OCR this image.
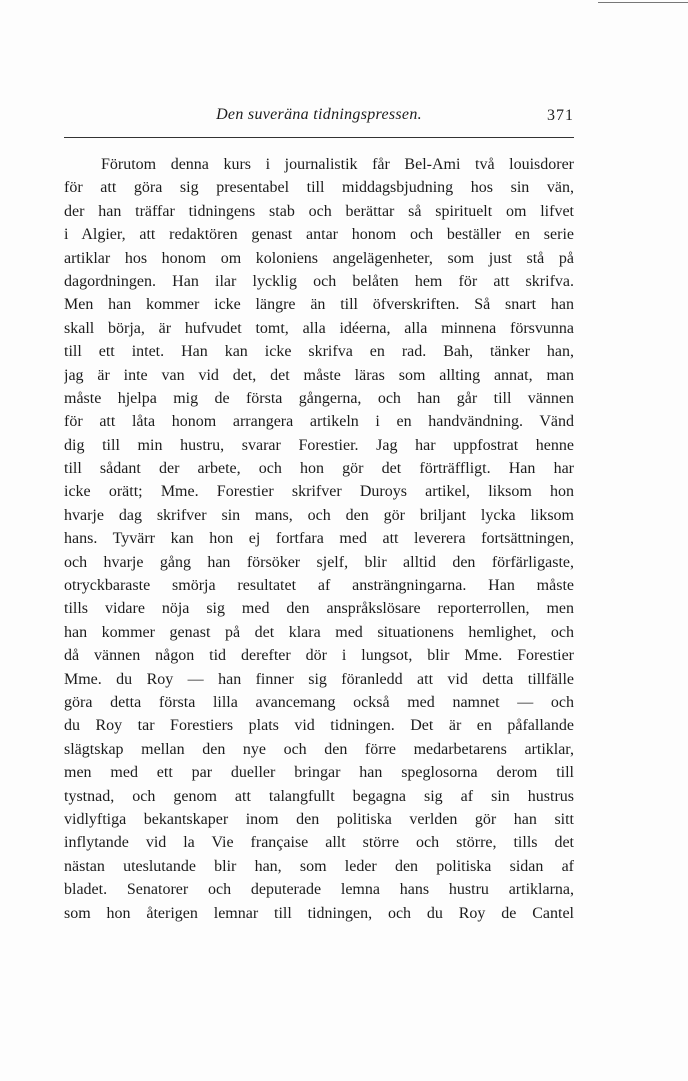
Den suveräna tidningspressen.	371
Förutom denna kurs i journalistik får Bel-Ami två louisdorer
för att göra sig presentabel till middagsbjudning hos sin vän,
der han träffar tidningens stab och berättar så spirituelt om lifvet
i Algier, att redaktören genast antar honom och beställer en serie
artiklar hos honom om koloniens angelägenheter, som just stå på
dagordningen. Han ilar lycklig och belåten hem för att skrifva.
Men han kommer icke längre än till öfverskriften. Så snart han
skall börja, är hufvudet tomt, alla idéerna, alla minnena försvunna
till ett intet. Han kan icke skrifva en rad. Bah, tänker han,
jag är inte van vid det, det måste läras som allting annat, man
måste hjelpa mig de första gångerna, och han går till vännen
för att låta honom arrangera artikeln i en handvändning. Vänd
dig till min hustru, svarar Forestier. Jag har uppfostrat henne
till sådant der arbete, och hon gör det förträffligt. Han har
icke orätt; Mme. Forestier skrifver Duroys artikel, liksom hon
hvarje dag skrifver sin mans, och den gör briljant lycka liksom
hans. Tyvärr kan hon ej fortfara med att leverera fortsättningen,
och hvarje gång han försöker sjelf, blir alltid den förfärligaste,
otryckbaraste smörja resultatet af ansträngningarna. Han måste
tills vidare nöja sig med den anspråkslösare reporterrollen, men
han kommer genast på det klara med situationens hemlighet, och
då vännen någon tid derefter dör i lungsot, blir Mme. Forestier
Mme. du Roy — han finner sig föranledd att vid detta tillfälle
göra detta första lilla avancemang också med namnet — och
du Roy tar Forestiers plats vid tidningen. Det är en påfallande
slägtskap mellan den nye och den förre medarbetarens artiklar,
men med ett par dueller bringar han speglosorna derom till
tystnad, och genom att talangfullt begagna sig af sin hustrus
vidlyftiga bekantskaper inom den politiska verlden gör han sitt
inflytande vid la Vie française allt större och större, tills det
nästan uteslutande blir han, som leder den politiska sidan af
bladet. Senatorer och deputerade lemna hans hustru artiklarna,
som hon återigen lemnar till tidningen, och du Roy de Cantel
